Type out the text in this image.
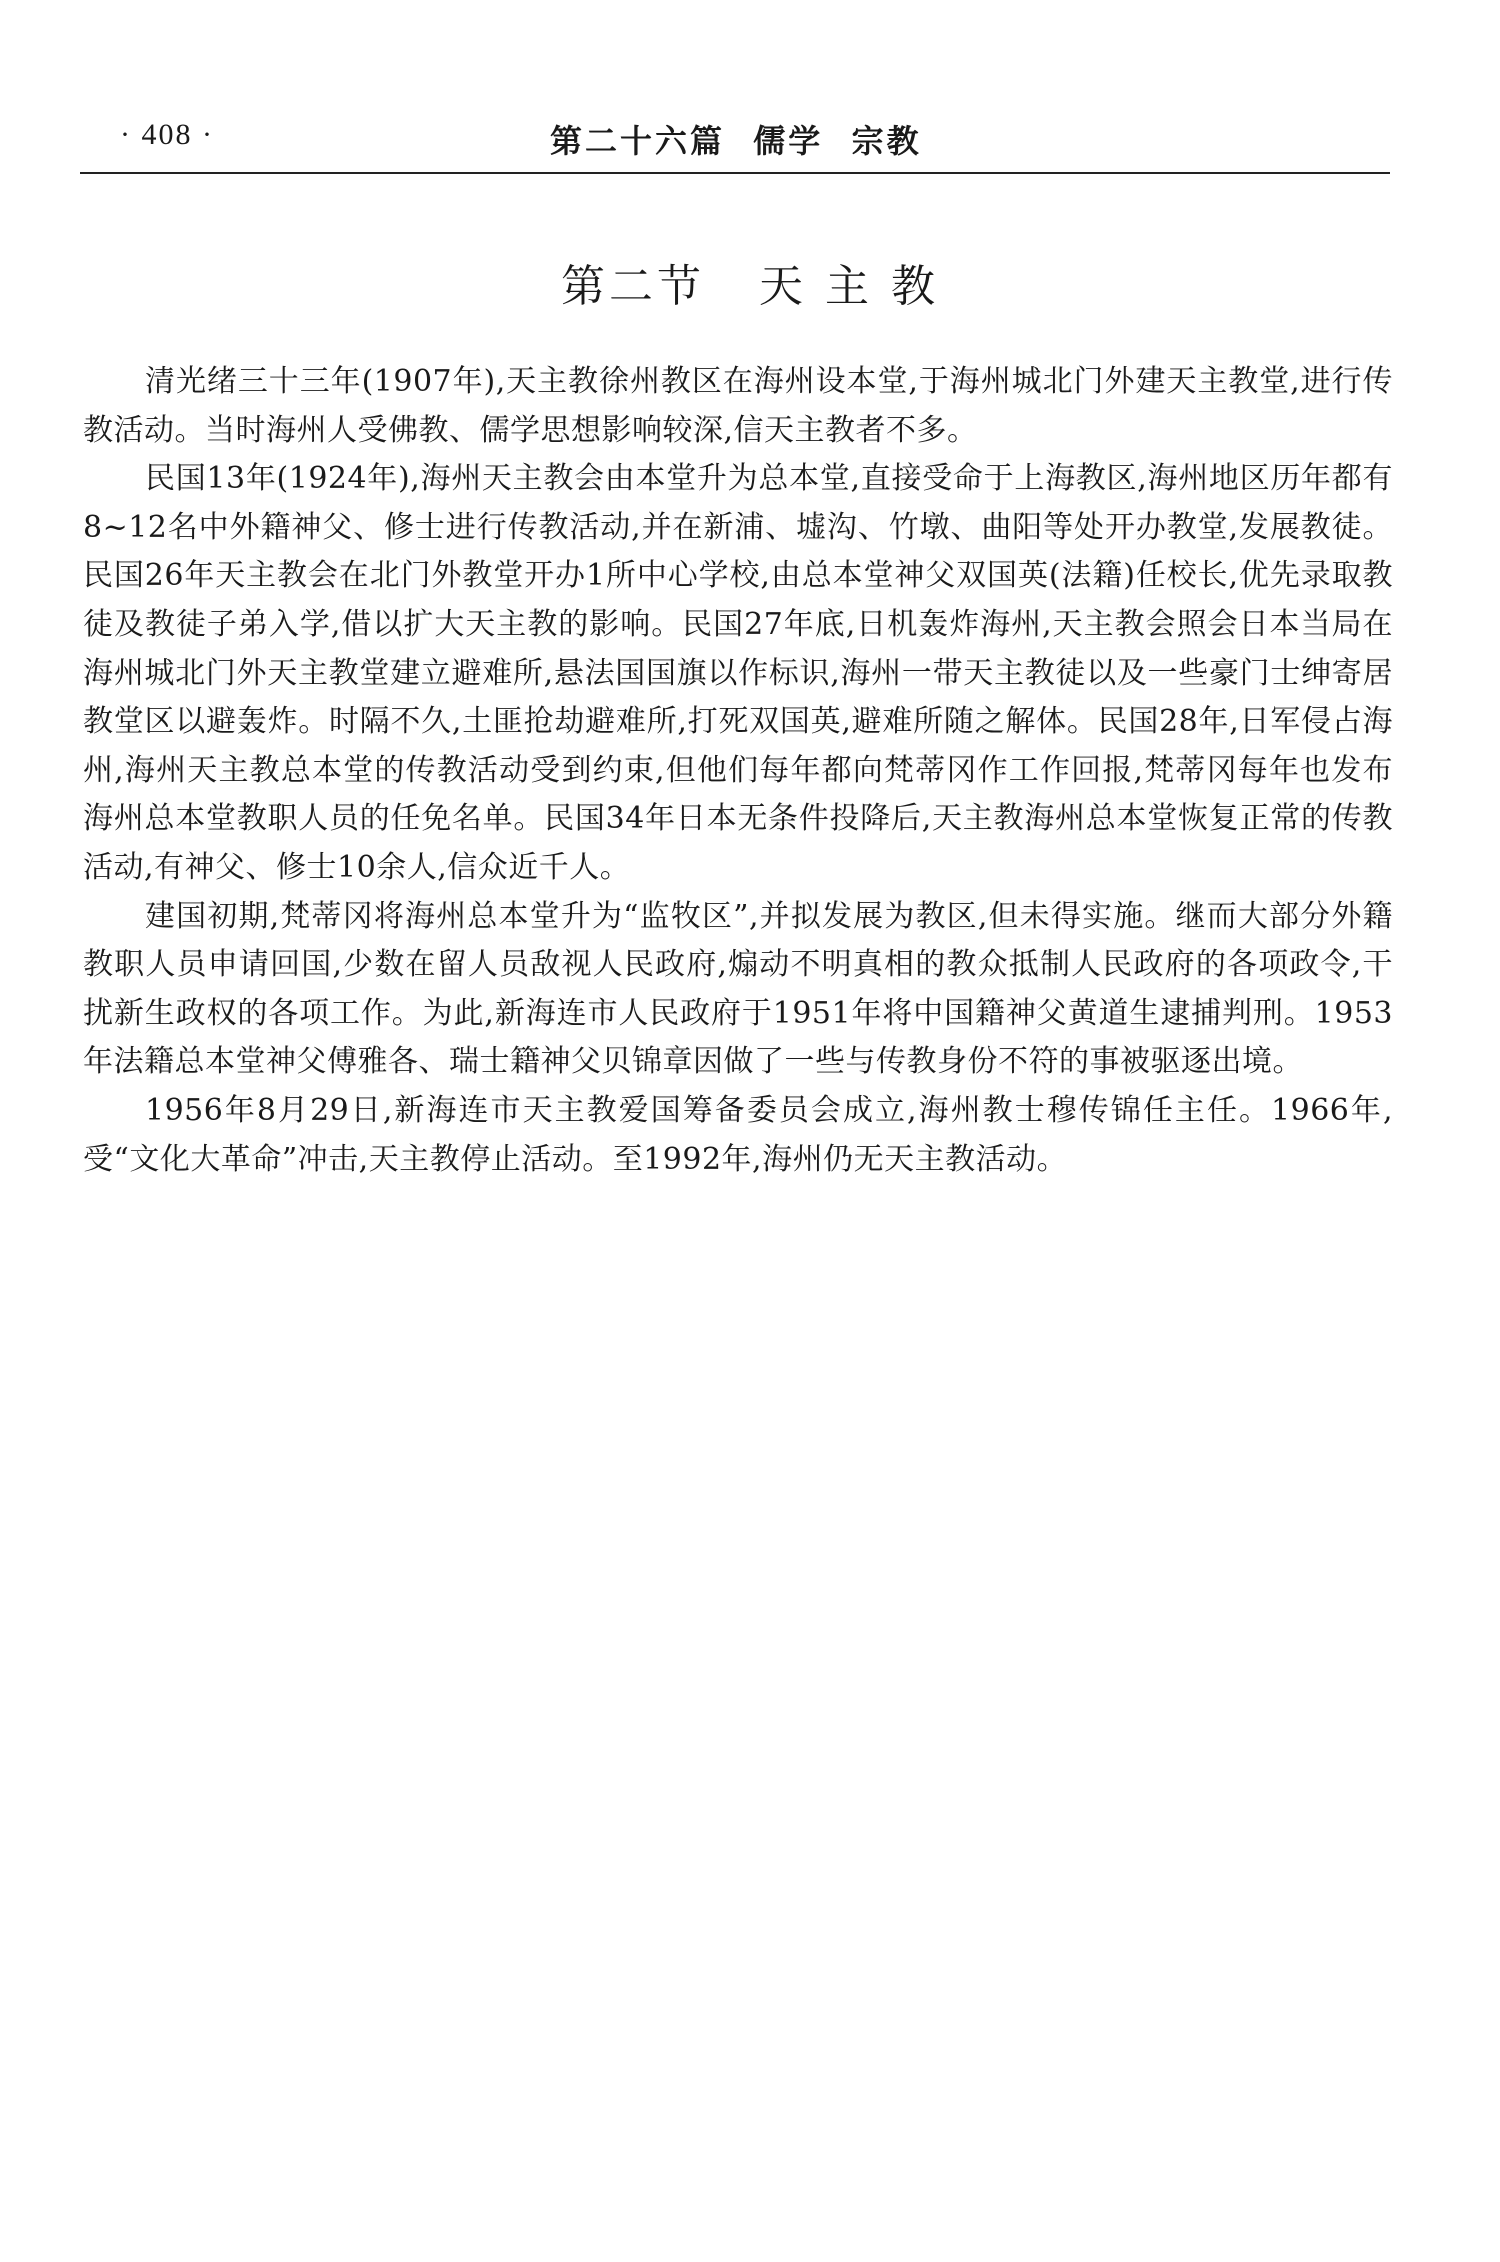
· 408 ·	第二十六篇  儒学  宗教
第二节   天 主 教

清光绪三十三年(1907年),天主教徐州教区在海州设本堂,于海州城北门外建天主教堂,进行传教活动。当时海州人受佛教、儒学思想影响较深,信天主教者不多。

民国13年(1924年),海州天主教会由本堂升为总本堂,直接受命于上海教区,海州地区历年都有8~12名中外籍神父、修士进行传教活动,并在新浦、墟沟、竹墩、曲阳等处开办教堂,发展教徒。民国26年天主教会在北门外教堂开办1所中心学校,由总本堂神父双国英(法籍)任校长,优先录取教徒及教徒子弟入学,借以扩大天主教的影响。民国27年底,日机轰炸海州,天主教会照会日本当局在海州城北门外天主教堂建立避难所,悬法国国旗以作标识,海州一带天主教徒以及一些豪门士绅寄居教堂区以避轰炸。时隔不久,土匪抢劫避难所,打死双国英,避难所随之解体。民国28年,日军侵占海州,海州天主教总本堂的传教活动受到约束,但他们每年都向梵蒂冈作工作回报,梵蒂冈每年也发布海州总本堂教职人员的任免名单。民国34年日本无条件投降后,天主教海州总本堂恢复正常的传教活动,有神父、修士10余人,信众近千人。

建国初期,梵蒂冈将海州总本堂升为“监牧区”,并拟发展为教区,但未得实施。继而大部分外籍教职人员申请回国,少数在留人员敌视人民政府,煽动不明真相的教众抵制人民政府的各项政令,干扰新生政权的各项工作。为此,新海连市人民政府于1951年将中国籍神父黄道生逮捕判刑。1953年法籍总本堂神父傅雅各、瑞士籍神父贝锦章因做了一些与传教身份不符的事被驱逐出境。

1956年8月29日,新海连市天主教爱国筹备委员会成立,海州教士穆传锦任主任。1966年,受“文化大革命”冲击,天主教停止活动。至1992年,海州仍无天主教活动。
